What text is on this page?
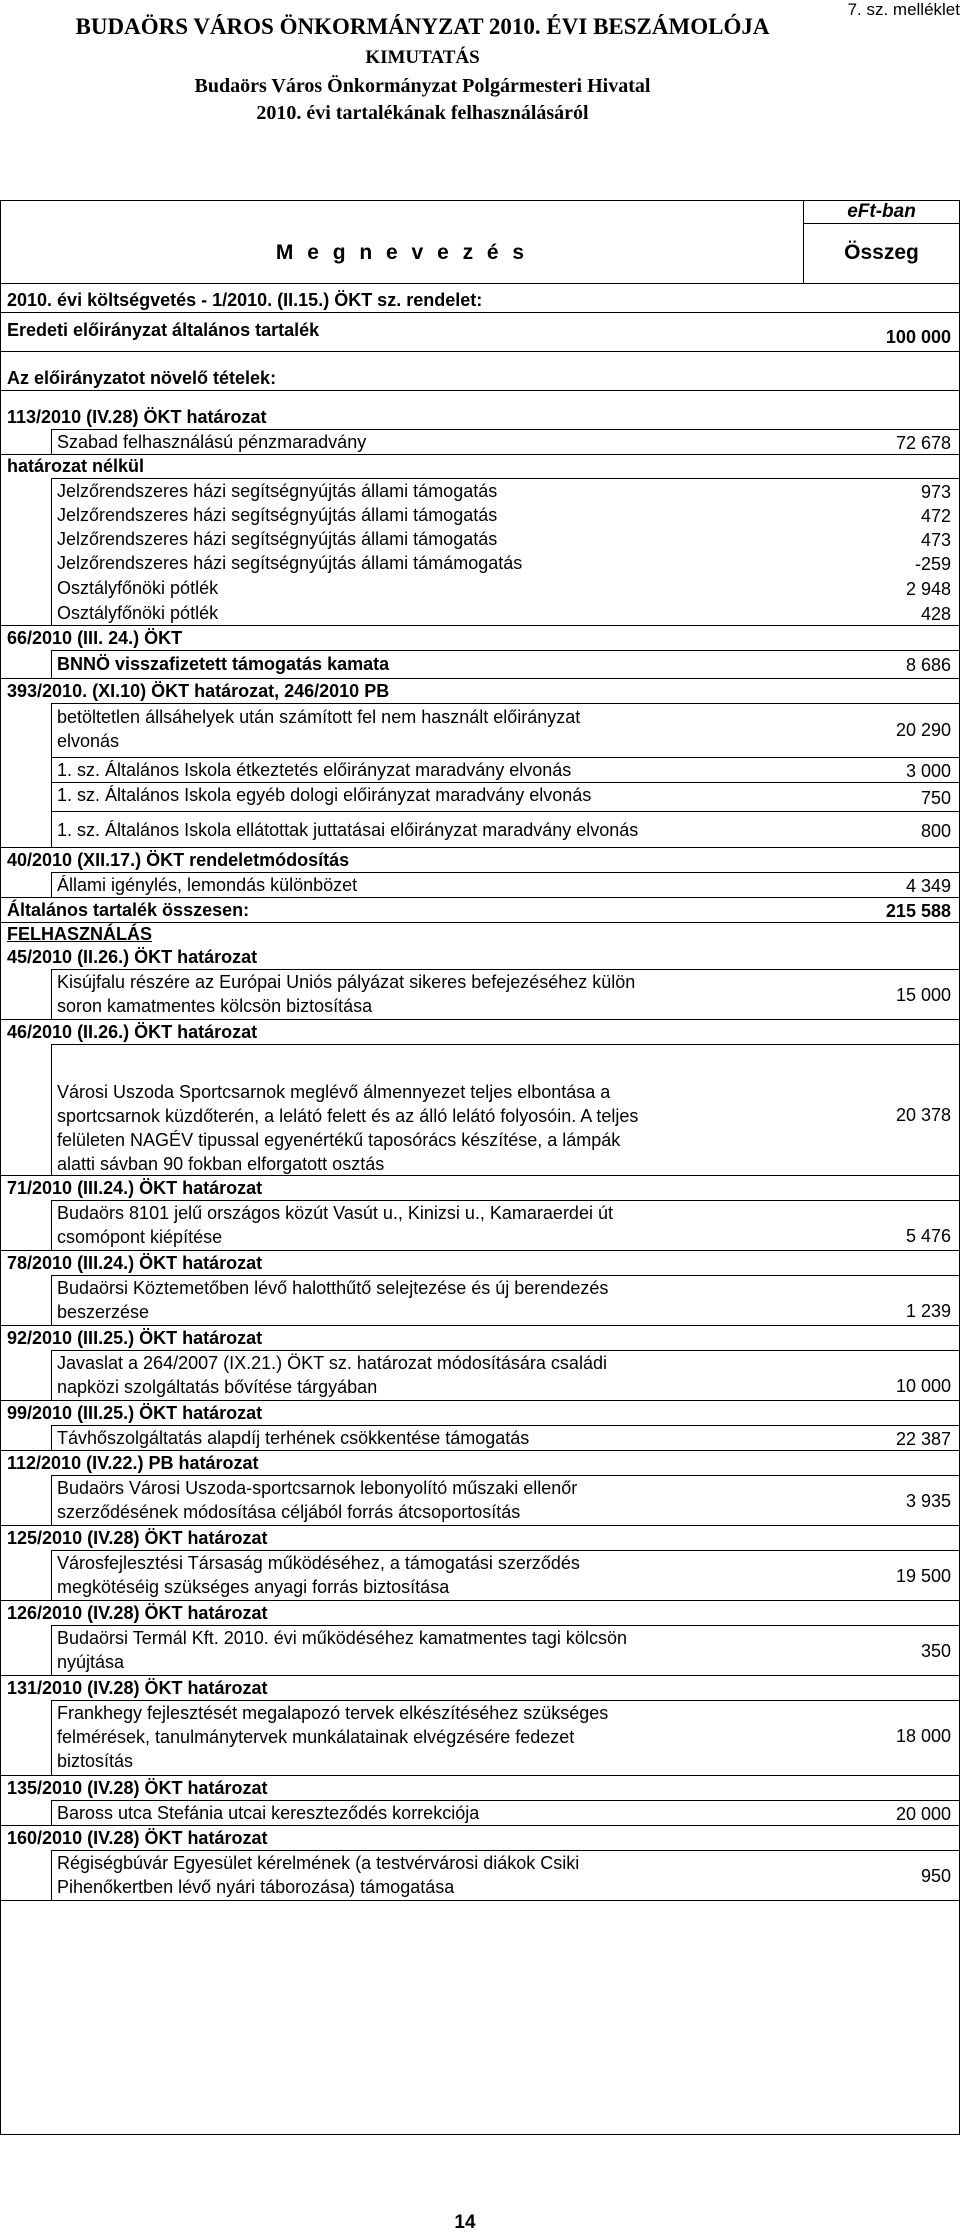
7. sz. melléklet
BUDAÖRS VÁROS ÖNKORMÁNYZAT 2010. ÉVI BESZÁMOLÓJA
KIMUTATÁS
Budaörs Város Önkormányzat Polgármesteri Hivatal
2010. évi tartalékának felhasználásáról
eFt-ban
M e g n e v e z é s	Összeg
2010. évi költségvetés - 1/2010. (II.15.) ÖKT sz. rendelet:
Eredeti előirányzat általános tartalék	100 000
Az előirányzatot növelő tételek:
113/2010 (IV.28) ÖKT határozat
Szabad felhasználású pénzmaradvány	72 678
határozat nélkül
Jelzőrendszeres házi segítségnyújtás állami támogatás	973
Jelzőrendszeres házi segítségnyújtás állami támogatás	472
Jelzőrendszeres házi segítségnyújtás állami támogatás	473
Jelzőrendszeres házi segítségnyújtás állami támámogatás	-259
Osztályfőnöki pótlék	2 948
Osztályfőnöki pótlék	428
66/2010 (III. 24.) ÖKT
BNNÖ visszafizetett támogatás kamata	8 686
393/2010. (XI.10) ÖKT határozat, 246/2010 PB
betöltetlen állsáhelyek után számított fel nem használt előirányzat
elvonás
20 290
1. sz. Általános Iskola étkeztetés előirányzat maradvány elvonás	3 000
1. sz. Általános Iskola egyéb dologi előirányzat maradvány elvonás	750
1. sz. Általános Iskola ellátottak juttatásai előirányzat maradvány elvonás	800
40/2010 (XII.17.) ÖKT rendeletmódosítás
Állami igénylés, lemondás különbözet	4 349
Általános tartalék összesen:	215 588
FELHASZNÁLÁS
45/2010 (II.26.) ÖKT határozat
Kisújfalu részére az Európai Uniós pályázat sikeres befejezéséhez külön
soron kamatmentes kölcsön biztosítása
15 000
46/2010 (II.26.) ÖKT határozat
Városi Uszoda Sportcsarnok meglévő álmennyezet teljes elbontása a
sportcsarnok küzdőterén, a lelátó felett és az álló lelátó folyosóin. A teljes
felületen NAGÉV tipussal egyenértékű taposórács készítése, a lámpák
alatti sávban 90 fokban elforgatott osztás
20 378
71/2010 (III.24.) ÖKT határozat
Budaörs 8101 jelű országos közút Vasút u., Kinizsi u., Kamaraerdei út
csomópont kiépítése	5 476
78/2010 (III.24.) ÖKT határozat
Budaörsi Köztemetőben lévő halotthűtő selejtezése és új berendezés
beszerzése	1 239
92/2010 (III.25.) ÖKT határozat
Javaslat a 264/2007 (IX.21.) ÖKT sz. határozat módosítására családi
napközi szolgáltatás bővítése tárgyában	10 000
99/2010 (III.25.) ÖKT határozat
Távhőszolgáltatás alapdíj terhének csökkentése támogatás	22 387
112/2010 (IV.22.) PB határozat
Budaörs Városi Uszoda-sportcsarnok lebonyolító műszaki ellenőr
szerződésének módosítása céljából forrás átcsoportosítás
3 935
125/2010 (IV.28) ÖKT határozat
Városfejlesztési Társaság működéséhez, a támogatási szerződés
megkötéséig szükséges anyagi forrás biztosítása
19 500
126/2010 (IV.28) ÖKT határozat
Budaörsi Termál Kft. 2010. évi működéséhez kamatmentes tagi kölcsön
nyújtása
350
131/2010 (IV.28) ÖKT határozat
Frankhegy fejlesztését megalapozó tervek elkészítéséhez szükséges
felmérések, tanulmánytervek munkálatainak elvégzésére fedezet
biztosítás
18 000
135/2010 (IV.28) ÖKT határozat
Baross utca Stefánia utcai kereszteződés korrekciója	20 000
160/2010 (IV.28) ÖKT határozat
Régiségbúvár Egyesület kérelmének (a testvérvárosi diákok Csiki
Pihenőkertben lévő nyári táborozása) támogatása
950
14
